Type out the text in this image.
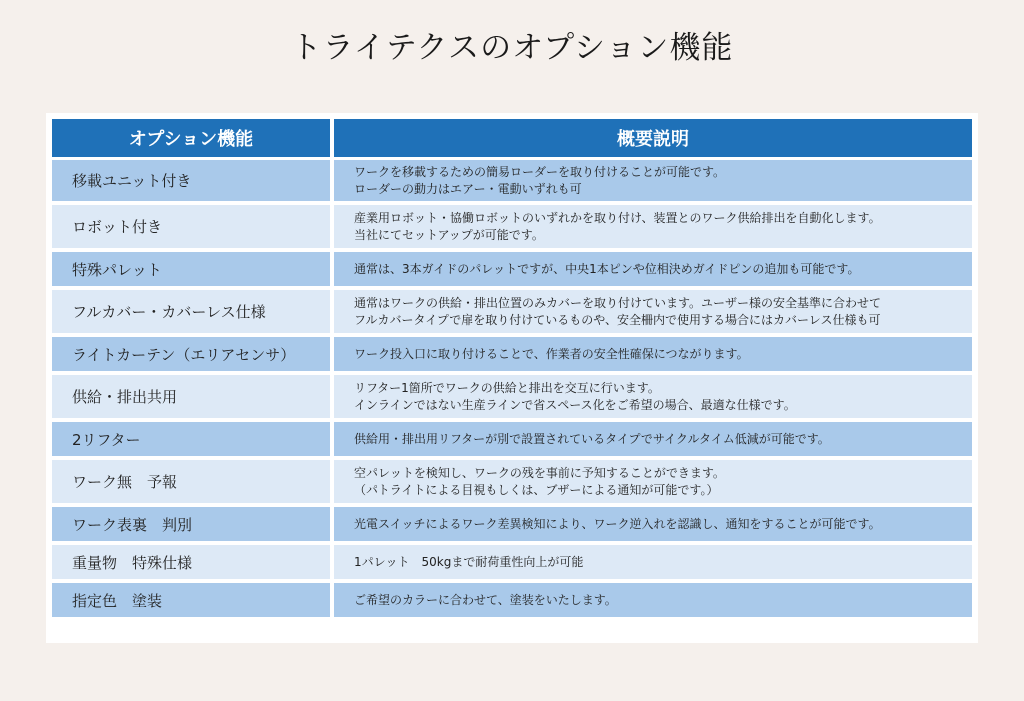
トライテクスのオプション機能
オプション機能	概要説明
移載ユニット付き	ワークを移載するための簡易ローダーを取り付けることが可能です。
ローダーの動力はエアー・電動いずれも可

ロボット付き	産業用ロボット・協働ロボットのいずれかを取り付け、装置とのワーク供給排出を自動化します。
当社にてセットアップが可能です。

特殊パレット	通常は、3本ガイドのパレットですが、中央1本ピンや位相決めガイドピンの追加も可能です。

フルカバー・カバーレス仕様	通常はワークの供給・排出位置のみカバーを取り付けています。ユーザー様の安全基準に合わせて
フルカバータイプで扉を取り付けているものや、安全柵内で使用する場合にはカバーレス仕様も可

ライトカーテン（エリアセンサ）	ワーク投入口に取り付けることで、作業者の安全性確保につながります。

供給・排出共用	リフター1箇所でワークの供給と排出を交互に行います。
インラインではない生産ラインで省スペース化をご希望の場合、最適な仕様です。

2リフター	供給用・排出用リフターが別で設置されているタイプでサイクルタイム低減が可能です。

ワーク無　予報	空パレットを検知し、ワークの残を事前に予知することができます。
（パトライトによる目視もしくは、ブザーによる通知が可能です。）

ワーク表裏　判別	光電スイッチによるワーク差異検知により、ワーク逆入れを認識し、通知をすることが可能です。

重量物　特殊仕様	1パレット　50kgまで耐荷重性向上が可能

指定色　塗装	ご希望のカラーに合わせて、塗装をいたします。
